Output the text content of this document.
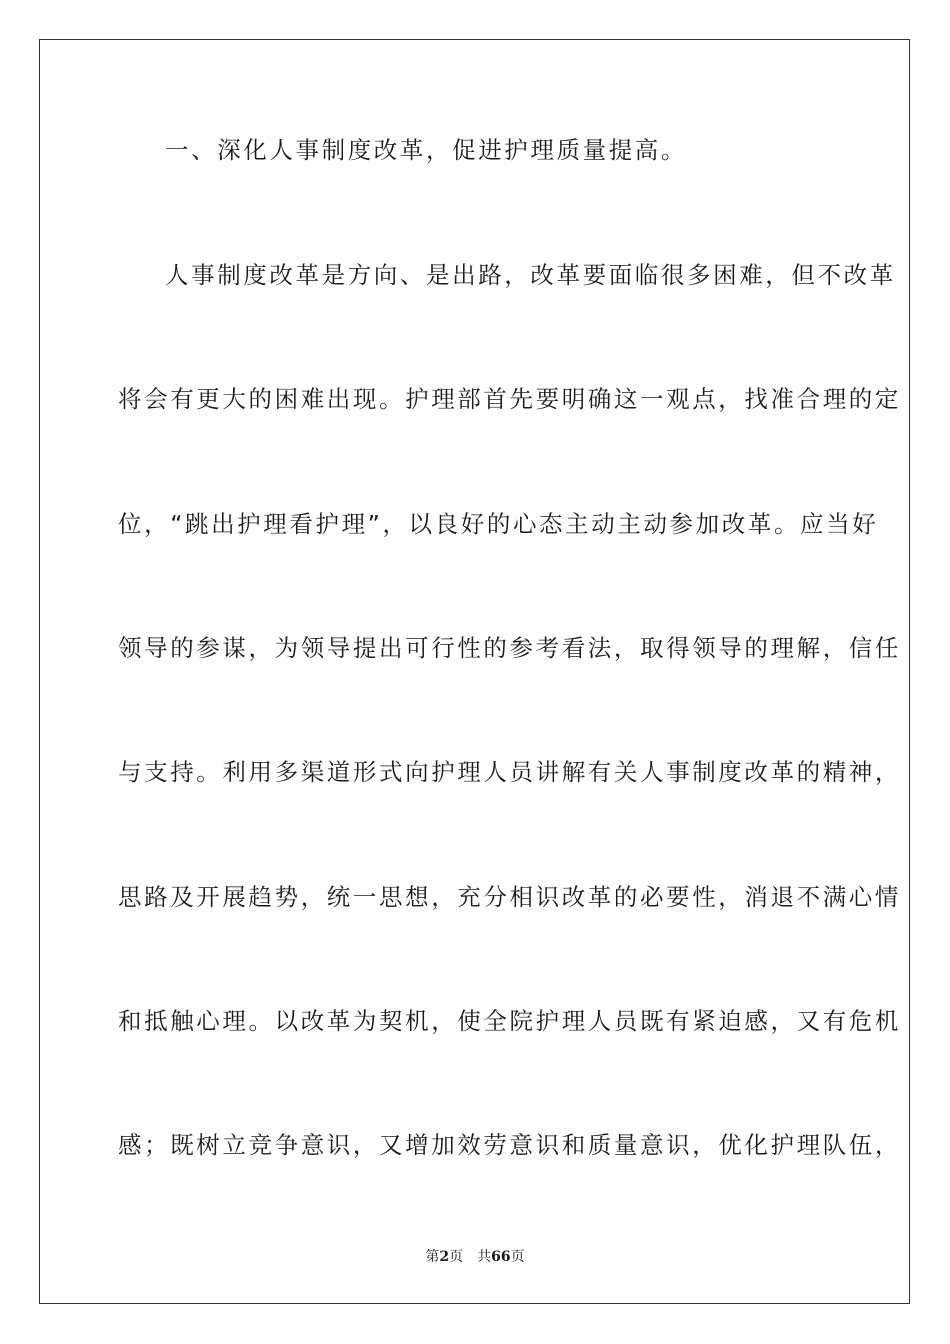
一、深化人事制度改革，促进护理质量提高。
人事制度改革是方向、是出路，改革要面临很多困难，但不改革
将会有更大的困难出现。护理部首先要明确这一观点，找准合理的定
位，“跳出护理看护理”，以良好的心态主动主动参加改革。应当好
领导的参谋，为领导提出可行性的参考看法，取得领导的理解，信任
与支持。利用多渠道形式向护理人员讲解有关人事制度改革的精神，
思路及开展趋势，统一思想，充分相识改革的必要性，消退不满心情
和抵触心理。以改革为契机，使全院护理人员既有紧迫感，又有危机
感；既树立竞争意识，又增加效劳意识和质量意识，优化护理队伍，
第2页 共66页
